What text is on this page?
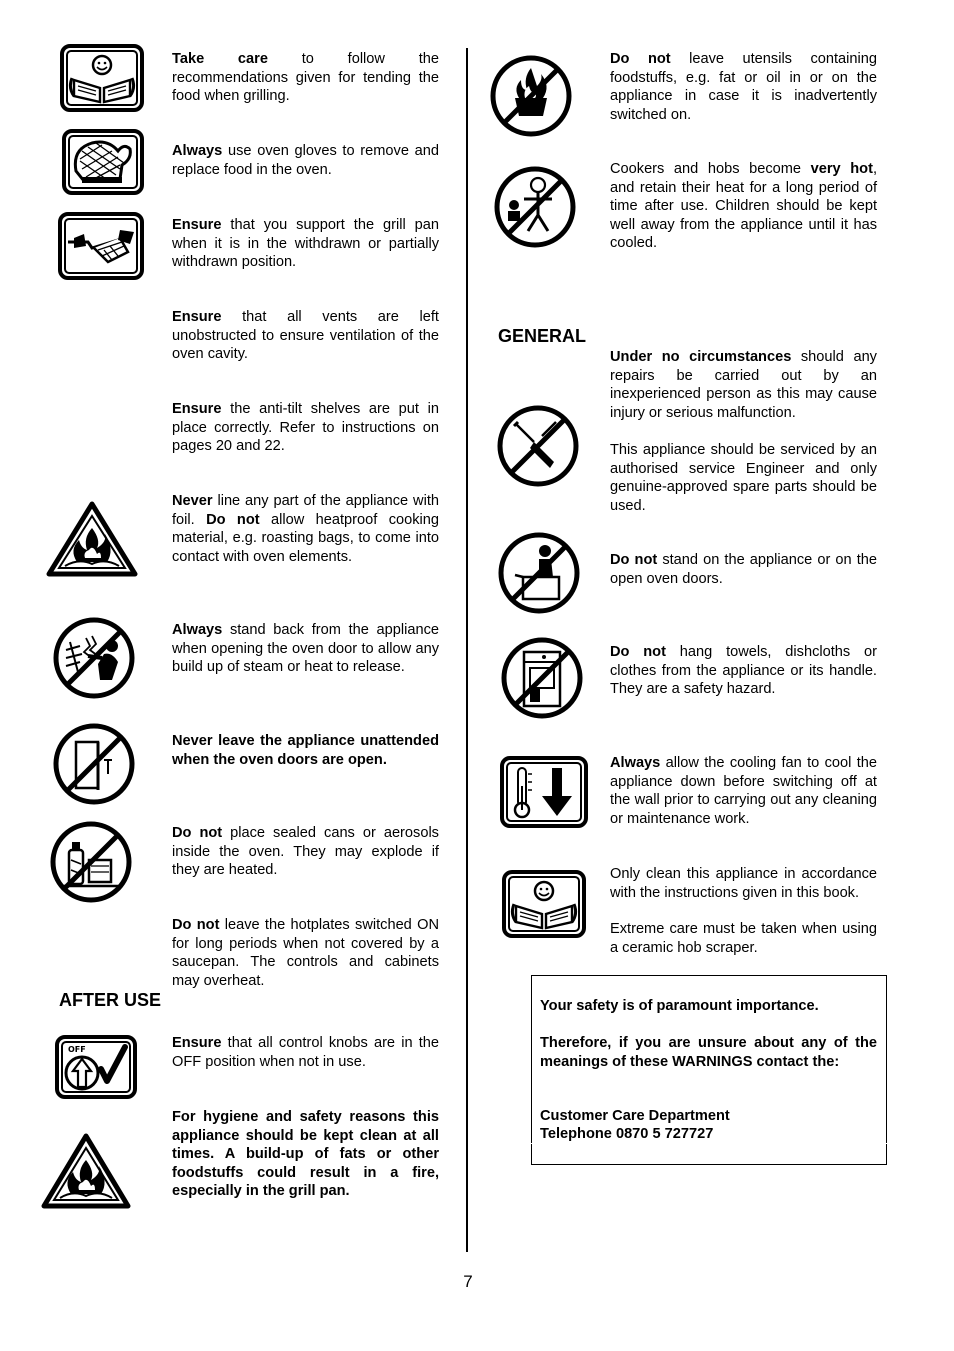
7
AFTER USE
GENERAL
Take care to follow the recommendations given for tending the food when grilling.
Always use oven gloves to remove and replace food in the oven.
Ensure that you support the grill pan when it is in the withdrawn or partially withdrawn position.
Ensure that all vents are left unobstructed to ensure ventilation of the oven cavity.
Ensure the anti-tilt shelves are put in place correctly. Refer to instructions on pages 20 and 22.
Never line any part of the appliance with foil. Do not allow heatproof cooking material, e.g. roasting bags, to come into contact with oven elements.
Always stand back from the appliance when opening the oven door to allow any build up of steam or heat to release.
Never leave the appliance unattended when the oven doors are open.
Do not place sealed cans or aerosols inside the oven. They may explode if they are heated.
Do not leave the hotplates switched ON for long periods when not covered by a saucepan. The controls and cabinets may overheat.
Ensure that all control knobs are in the OFF position when not in use.
For hygiene and safety reasons this appliance should be kept clean at all times. A build-up of fats or other foodstuffs could result in a fire, especially in the grill pan.
Do not leave utensils containing foodstuffs, e.g. fat or oil in or on the appliance in case it is inadvertently switched on.
Cookers and hobs become very hot, and retain their heat for a long period of time after use. Children should be kept well away from the appliance until it has cooled.
Under no circumstances should any repairs be carried out by an inexperienced person as this may cause injury or serious malfunction.
This appliance should be serviced by an authorised service Engineer and only genuine-approved spare parts should be used.
Do not stand on the appliance or on the open oven doors.
Do not hang towels, dishcloths or clothes from the appliance or its handle. They are a safety hazard.
Always allow the cooling fan to cool the appliance down before switching off at the wall prior to carrying out any cleaning or maintenance work.
Only clean this appliance in accordance with the instructions given in this book.
Extreme care must be taken when using a ceramic hob scraper.

Your safety is of paramount importance.

Therefore, if you are unsure about any of the meanings of these WARNINGS contact the:

Customer Care Department

Telephone 0870 5 727727

OFF
